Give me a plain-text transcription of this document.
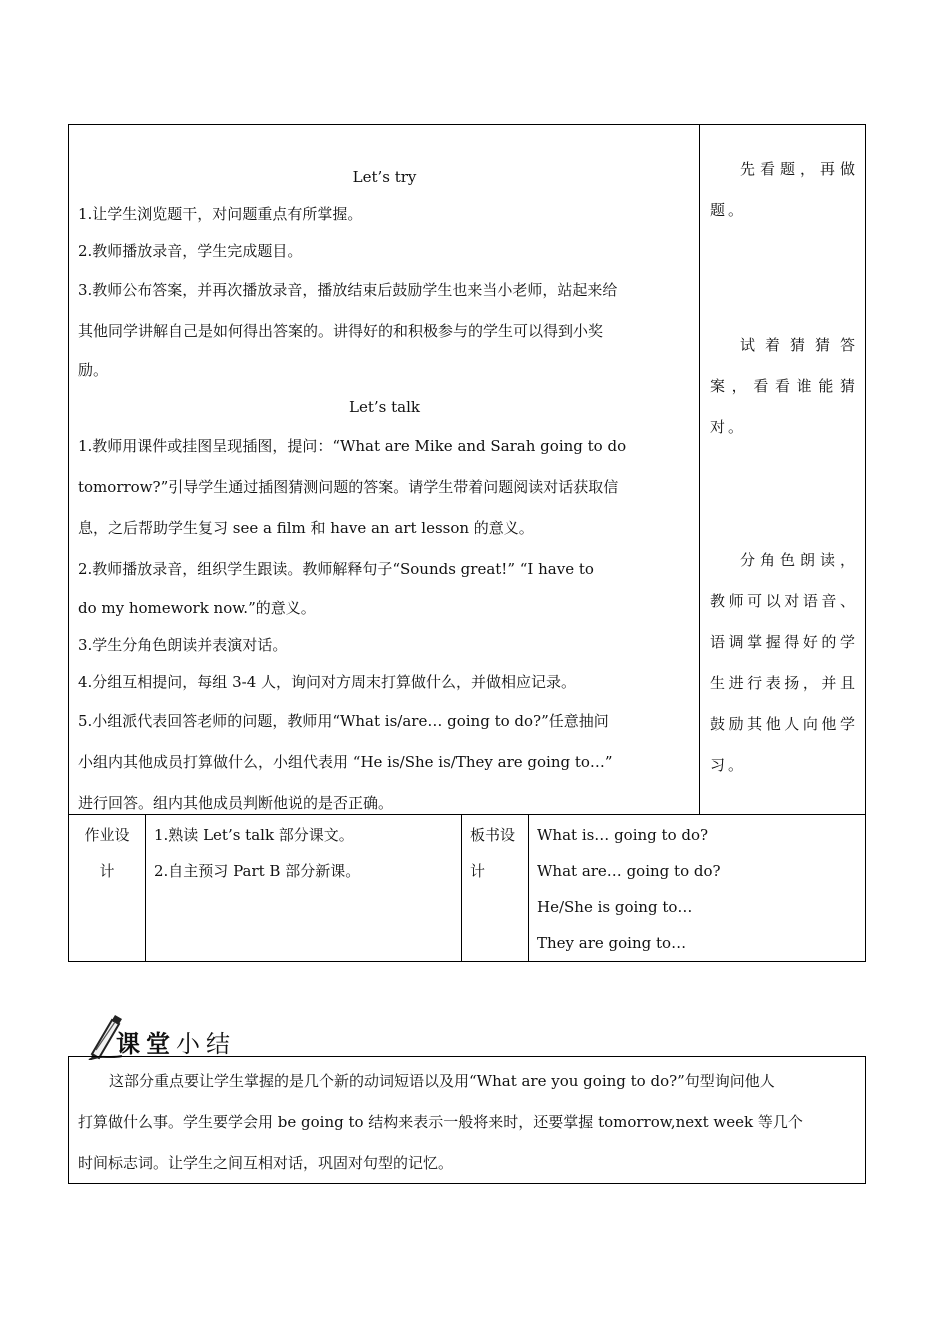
Let’s try
1.让学生浏览题干，对问题重点有所掌握。
2.教师播放录音，学生完成题目。
3.教师公布答案，并再次播放录音，播放结束后鼓励学生也来当小老师，站起来给
其他同学讲解自己是如何得出答案的。讲得好的和积极参与的学生可以得到小奖
励。
Let’s talk
1.教师用课件或挂图呈现插图，提问：“What are Mike and Sarah going to do
tomorrow?”引导学生通过插图猜测问题的答案。请学生带着问题阅读对话获取信
息，之后帮助学生复习 see a film 和 have an art lesson 的意义。
2.教师播放录音，组织学生跟读。教师解释句子“Sounds great!” “I have to
do my homework now.”的意义。
3.学生分角色朗读并表演对话。
4.分组互相提问，每组 3-4 人，询问对方周末打算做什么，并做相应记录。
5.小组派代表回答老师的问题，教师用“What is/are… going to do?”任意抽问
小组内其他成员打算做什么，小组代表用 “He is/She is/They are going to…”
进行回答。组内其他成员判断他说的是否正确。
先看题，再做题。
试着猜猜答案，看看谁能猜对。
分角色朗读，教师可以对语音、语调掌握得好的学生进行表扬，并且鼓励其他人向他学习。
作业设
计
1.熟读 Let’s talk 部分课文。
2.自主预习 Part B 部分新课。
板书设
计
What is… going to do?
What are… going to do?
He/She is going to…
They are going to…
课堂小结
这部分重点要让学生掌握的是几个新的动词短语以及用“What are you going to do?”句型询问他人
打算做什么事。学生要学会用 be going to 结构来表示一般将来时，还要掌握 tomorrow,next week 等几个
时间标志词。让学生之间互相对话，巩固对句型的记忆。
